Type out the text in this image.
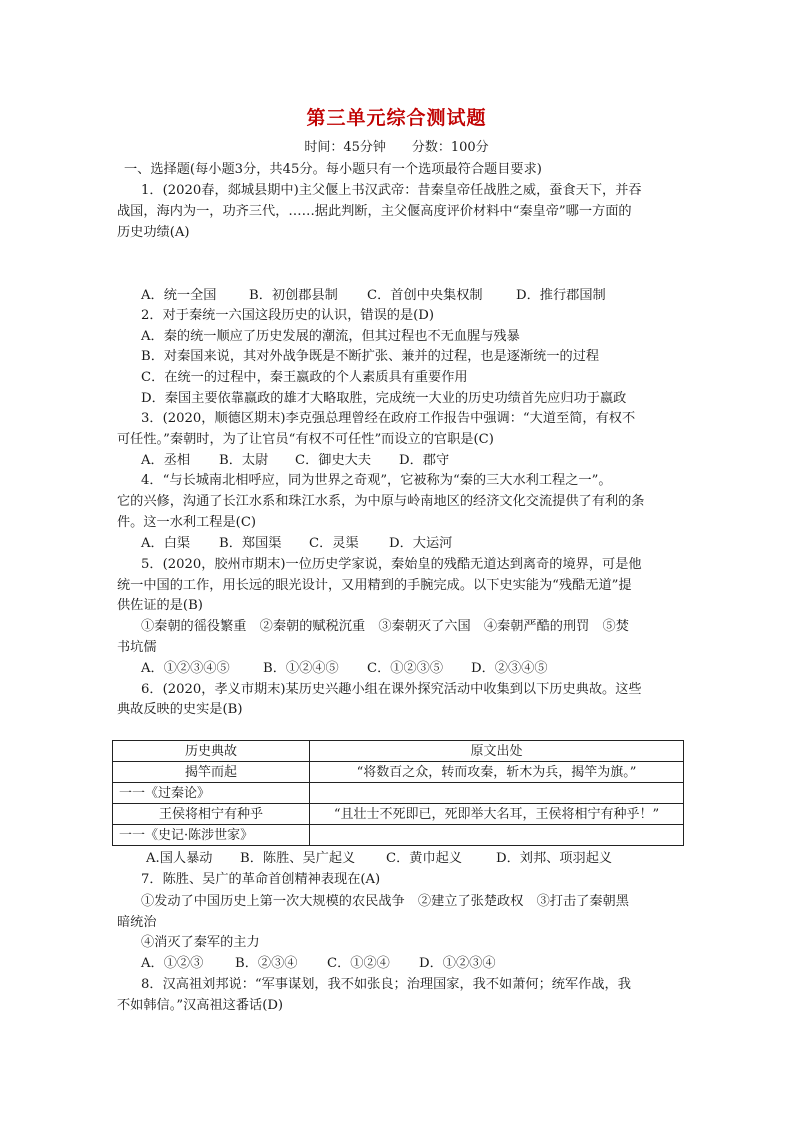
第三单元综合测试题
时间：45分钟 分数：100分
一、选择题(每小题3分，共45分。每小题只有一个选项最符合题目要求)
1．(2020春，郯城县期中)主父偃上书汉武帝：昔秦皇帝任战胜之威，蚕食天下，并吞
战国，海内为一，功齐三代，……据此判断，主父偃高度评价材料中“秦皇帝”哪一方面的
历史功绩(A)
A．统一全国 B．初创郡县制 C．首创中央集权制	D．推行郡国制
2．对于秦统一六国这段历史的认识，错误的是(D)
A．秦的统一顺应了历史发展的潮流，但其过程也不无血腥与残暴
B．对秦国来说，其对外战争既是不断扩张、兼并的过程，也是逐渐统一的过程
C．在统一的过程中，秦王嬴政的个人素质具有重要作用
D．秦国主要依靠嬴政的雄才大略取胜，完成统一大业的历史功绩首先应归功于嬴政
3．(2020，顺德区期末)李克强总理曾经在政府工作报告中强调：“大道至简，有权不
可任性。”秦朝时，为了让官员“有权不可任性”而设立的官职是(C)
A．丞相 B．太尉 C．御史大夫 D．郡守
4．“与长城南北相呼应，同为世界之奇观”，它被称为“秦的三大水利工程之一”。
它的兴修，沟通了长江水系和珠江水系，为中原与岭南地区的经济文化交流提供了有利的条
件。这一水利工程是(C)
A．白渠 B．郑国渠 C．灵渠 D．大运河
5．(2020，胶州市期末)一位历史学家说，秦始皇的残酷无道达到离奇的境界，可是他
统一中国的工作，用长远的眼光设计，又用精到的手腕完成。以下史实能为“残酷无道”提
供佐证的是(B)
①秦朝的徭役繁重　②秦朝的赋税沉重　③秦朝灭了六国　④秦朝严酷的刑罚　⑤焚
书坑儒
A．①②③④⑤	B．①②④⑤ C．①②③⑤ D．②③④⑤
6．(2020，孝义市期末)某历史兴趣小组在课外探究活动中收集到以下历史典故。这些
典故反映的史实是(B)
历史典故	原文出处
揭竿而起	“将数百之众，转而攻秦，斩木为兵，揭竿为旗。”
一一《过秦论》	
王侯将相宁有种乎	“且壮士不死即已，死即举大名耳，王侯将相宁有种乎！”
一一《史记·陈涉世家》	
A.国人暴动 B．陈胜、吴广起义 C．黄巾起义	D．刘邦、项羽起义
7．陈胜、吴广的革命首创精神表现在(A)
①发动了中国历史上第一次大规模的农民战争　②建立了张楚政权　③打击了秦朝黑
暗统治
④消灭了秦军的主力
A．①②③ B．②③④ C．①②④ D．①②③④
8．汉高祖刘邦说：“军事谋划，我不如张良；治理国家，我不如萧何；统军作战，我
不如韩信。”汉高祖这番话(D)
